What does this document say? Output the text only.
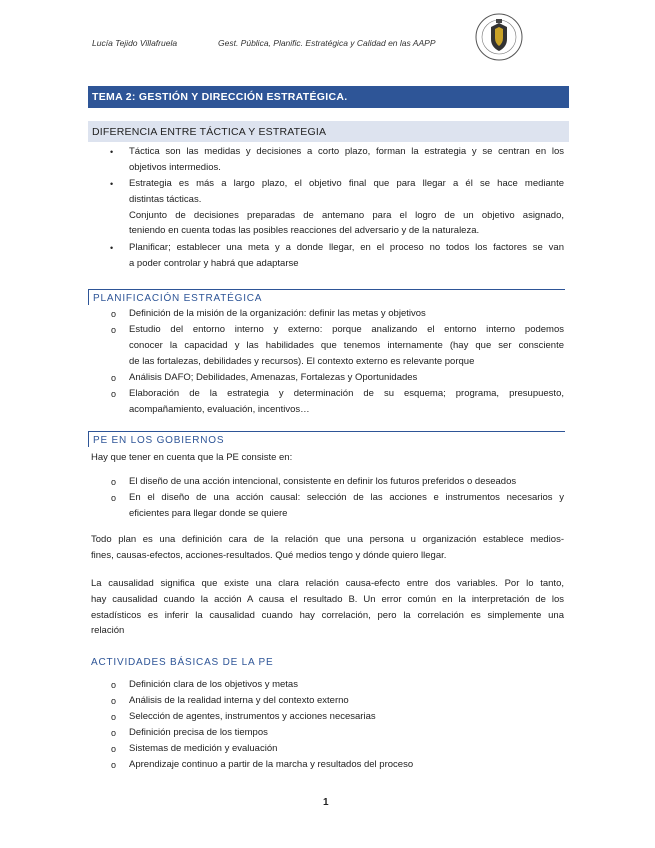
Lucía Tejido Villafruela	Gest. Pública, Planific. Estratégica y Calidad en las AAPP
TEMA 2: GESTIÓN Y DIRECCIÓN ESTRATÉGICA.
DIFERENCIA ENTRE TÁCTICA Y ESTRATEGIA
• Táctica son las medidas y decisiones a corto plazo, forman la estrategia y se centran en los
objetivos intermedios.
• Estrategia es más a largo plazo, el objetivo final que para llegar a él se hace mediante
distintas tácticas.
Conjunto de decisiones preparadas de antemano para el logro de un objetivo asignado,
teniendo en cuenta todas las posibles reacciones del adversario y de la naturaleza.
• Planificar; establecer una meta y a donde llegar, en el proceso no todos los factores se van
a poder controlar y habrá que adaptarse
PLANIFICACIÓN ESTRATÉGICA
o Definición de la misión de la organización: definir las metas y objetivos
o Estudio del entorno interno y externo: porque analizando el entorno interno podemos
conocer la capacidad y las habilidades que tenemos internamente (hay que ser consciente
de las fortalezas, debilidades y recursos). El contexto externo es relevante porque
o Análisis DAFO; Debilidades, Amenazas, Fortalezas y Oportunidades
o Elaboración de la estrategia y determinación de su esquema; programa, presupuesto,
acompañamiento, evaluación, incentivos…
PE EN LOS GOBIERNOS
Hay que tener en cuenta que la PE consiste en:
o El diseño de una acción intencional, consistente en definir los futuros preferidos o deseados
o En el diseño de una acción causal: selección de las acciones e instrumentos necesarios y
eficientes para llegar donde se quiere
Todo plan es una definición cara de la relación que una persona u organización establece medios-
fines, causas-efectos, acciones-resultados. Qué medios tengo y dónde quiero llegar.
La causalidad significa que existe una clara relación causa-efecto entre dos variables. Por lo tanto,
hay causalidad cuando la acción A causa el resultado B. Un error común en la interpretación de los
estadísticos es inferir la causalidad cuando hay correlación, pero la correlación es simplemente una
relación
ACTIVIDADES BÁSICAS DE LA PE
o Definición clara de los objetivos y metas
o Análisis de la realidad interna y del contexto externo
o Selección de agentes, instrumentos y acciones necesarias
o Definición precisa de los tiempos
o Sistemas de medición y evaluación
o Aprendizaje continuo a partir de la marcha y resultados del proceso
1
